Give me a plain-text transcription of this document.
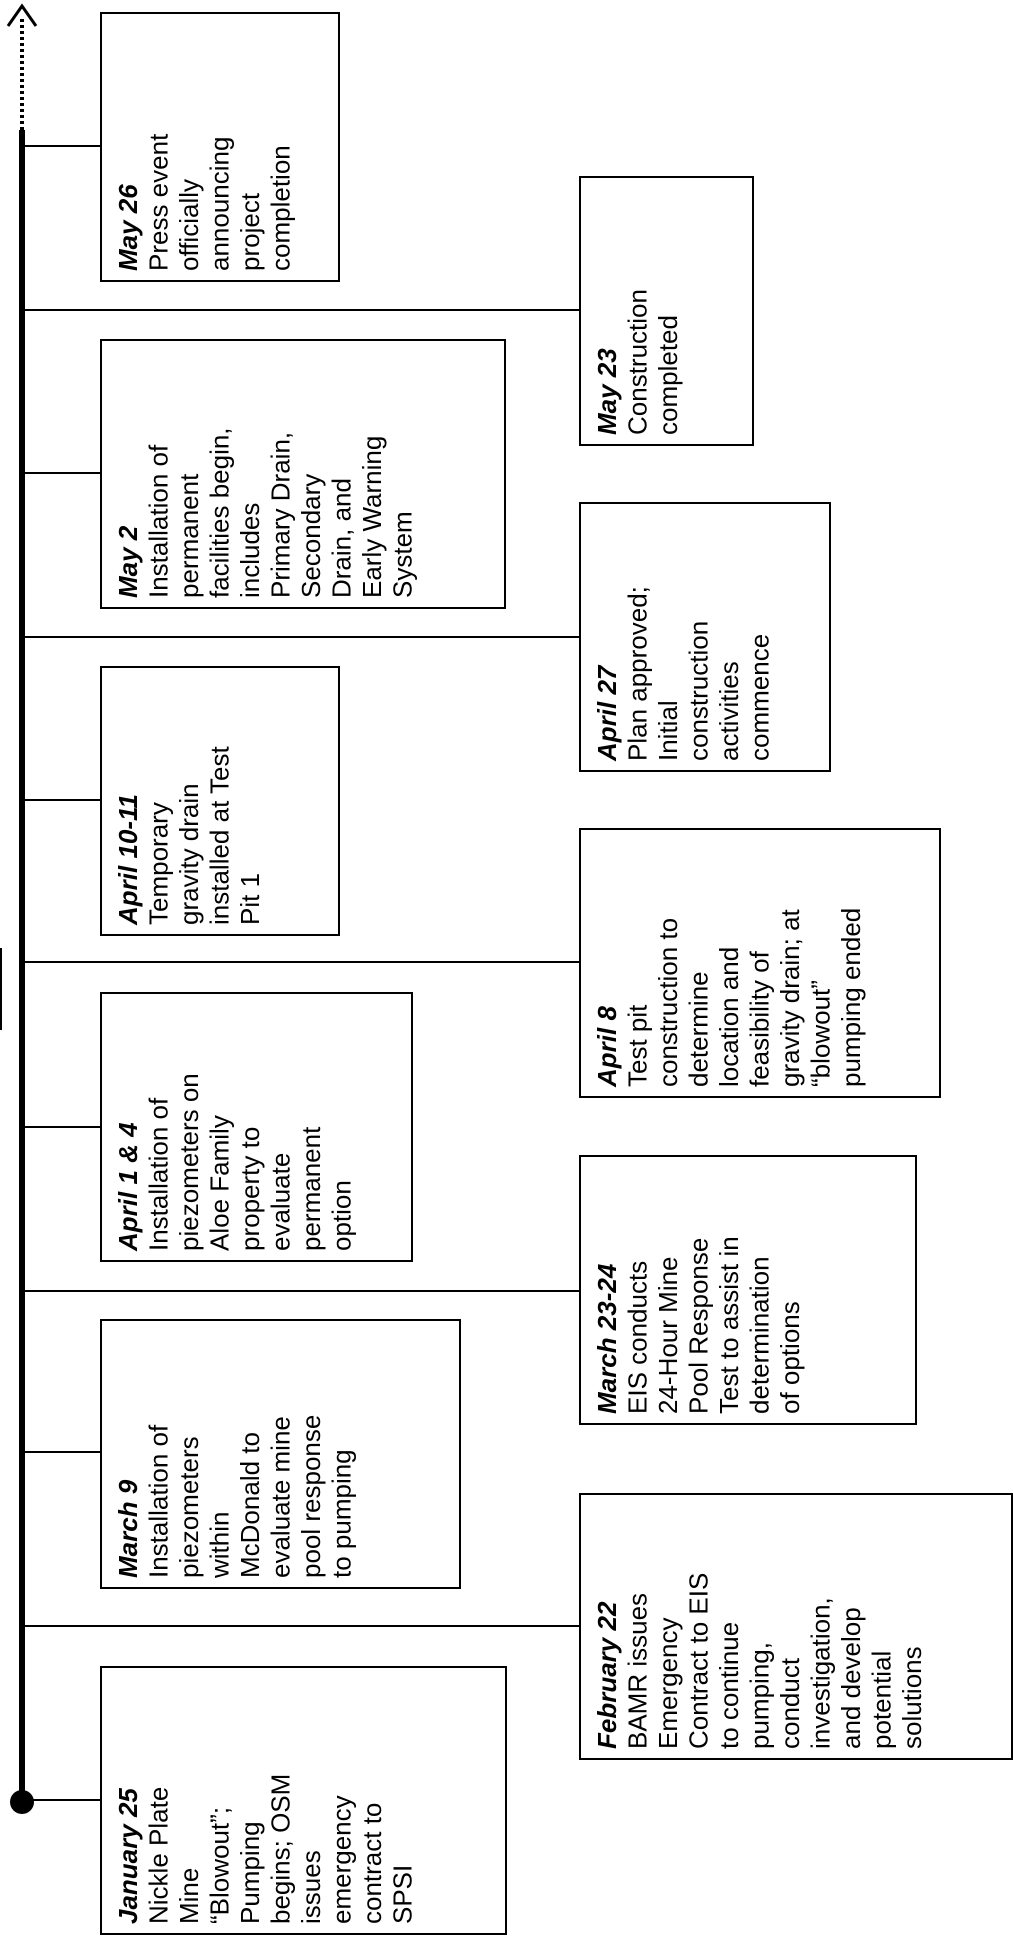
January 25 Nickle Plate Mine “Blowout”; Pumping begins; OSM issues emergency contract to SPSI
February 22 BAMR issues Emergency Contract to EIS to continue pumping, conduct investigation, and develop potential solutions
March 9 Installation of piezometers within McDonald to evaluate mine pool response to pumping
March 23-24 EIS conducts 24-Hour Mine Pool Response Test to assist in determination of options
April 1 & 4 Installation of piezometers on Aloe Family property to evaluate permanent option
April 8 Test pit construction to determine location and feasibility of gravity drain; at “blowout” pumping ended
April 10-11 Temporary gravity drain installed at Test Pit 1
April 27 Plan approved; Initial construction activities commence
May 2 Installation of permanent facilities begin, includes Primary Drain, Secondary Drain, and Early Warning System
May 23 Construction completed
May 26 Press event officially announcing project completion
